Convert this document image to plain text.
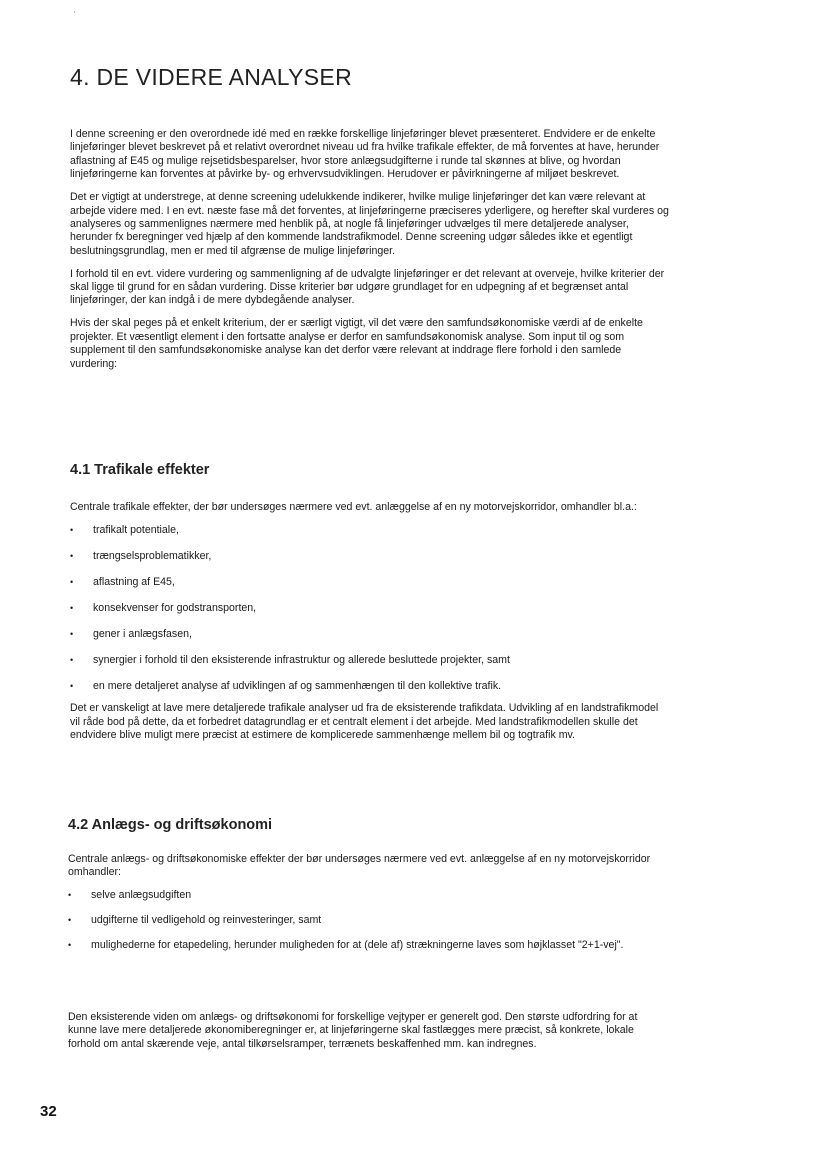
'
4. DE VIDERE ANALYSER

I denne screening er den overordnede idé med en række forskellige linjeføringer blevet præsenteret. Endvidere er de enkelte linjeføringer blevet beskrevet på et relativt overordnet niveau ud fra hvilke trafikale effekter, de må forventes at have, herunder aflastning af E45 og mulige rejsetidsbesparelser, hvor store anlægsudgifterne i runde tal skønnes at blive, og hvordan linjeføringerne kan forventes at påvirke by- og erhvervsudviklingen. Herudover er påvirkningerne af miljøet beskrevet.

Det er vigtigt at understrege, at denne screening udelukkende indikerer, hvilke mulige linjeføringer det kan være relevant at arbejde videre med. I en evt. næste fase må det forventes, at linjeføringerne præciseres yderligere, og herefter skal vurderes og analyseres og sammenlignes nærmere med henblik på, at nogle få linjeføringer udvælges til mere detaljerede analyser, herunder fx beregninger ved hjælp af den kommende landstrafikmodel. Denne screening udgør således ikke et egentligt beslutningsgrundlag, men er med til afgrænse de mulige linjeføringer.

I forhold til en evt. videre vurdering og sammenligning af de udvalgte linjeføringer er det relevant at overveje, hvilke kriterier der skal ligge til grund for en sådan vurdering. Disse kriterier bør udgøre grundlaget for en udpegning af et begrænset antal linjeføringer, der kan indgå i de mere dybdegående analyser.

Hvis der skal peges på et enkelt kriterium, der er særligt vigtigt, vil det være den samfundsøkonomiske værdi af de enkelte projekter. Et væsentligt element i den fortsatte analyse er derfor en samfundsøkonomisk analyse. Som input til og som supplement til den samfundsøkonomiske analyse kan det derfor være relevant at inddrage flere forhold i den samlede vurdering:

4.1 Trafikale effekter

Centrale trafikale effekter, der bør undersøges nærmere ved evt. anlæggelse af en ny motorvejskorridor, omhandler bl.a.:

• trafikalt potentiale,
• trængselsproblematikker,
• aflastning af E45,
• konsekvenser for godstransporten,
• gener i anlægsfasen,
• synergier i forhold til den eksisterende infrastruktur og allerede besluttede projekter, samt
• en mere detaljeret analyse af udviklingen af og sammenhængen til den kollektive trafik.

Det er vanskeligt at lave mere detaljerede trafikale analyser ud fra de eksisterende trafikdata. Udvikling af en landstrafikmodel vil råde bod på dette, da et forbedret datagrundlag er et centralt element i det arbejde. Med landstrafikmodellen skulle det endvidere blive muligt mere præcist at estimere de komplicerede sammenhænge mellem bil og togtrafik mv.

4.2 Anlægs- og driftsøkonomi

Centrale anlægs- og driftsøkonomiske effekter der bør undersøges nærmere ved evt. anlæggelse af en ny motorvejskorridor omhandler:

• selve anlægsudgiften
• udgifterne til vedligehold og reinvesteringer, samt
• mulighederne for etapedeling, herunder muligheden for at (dele af) strækningerne laves som højklasset "2+1-vej".

Den eksisterende viden om anlægs- og driftsøkonomi for forskellige vejtyper er generelt god. Den største udfordring for at kunne lave mere detaljerede økonomiberegninger er, at linjeføringerne skal fastlægges mere præcist, så konkrete, lokale forhold om antal skærende veje, antal tilkørselsramper, terrænets beskaffenhed mm. kan indregnes.

32
